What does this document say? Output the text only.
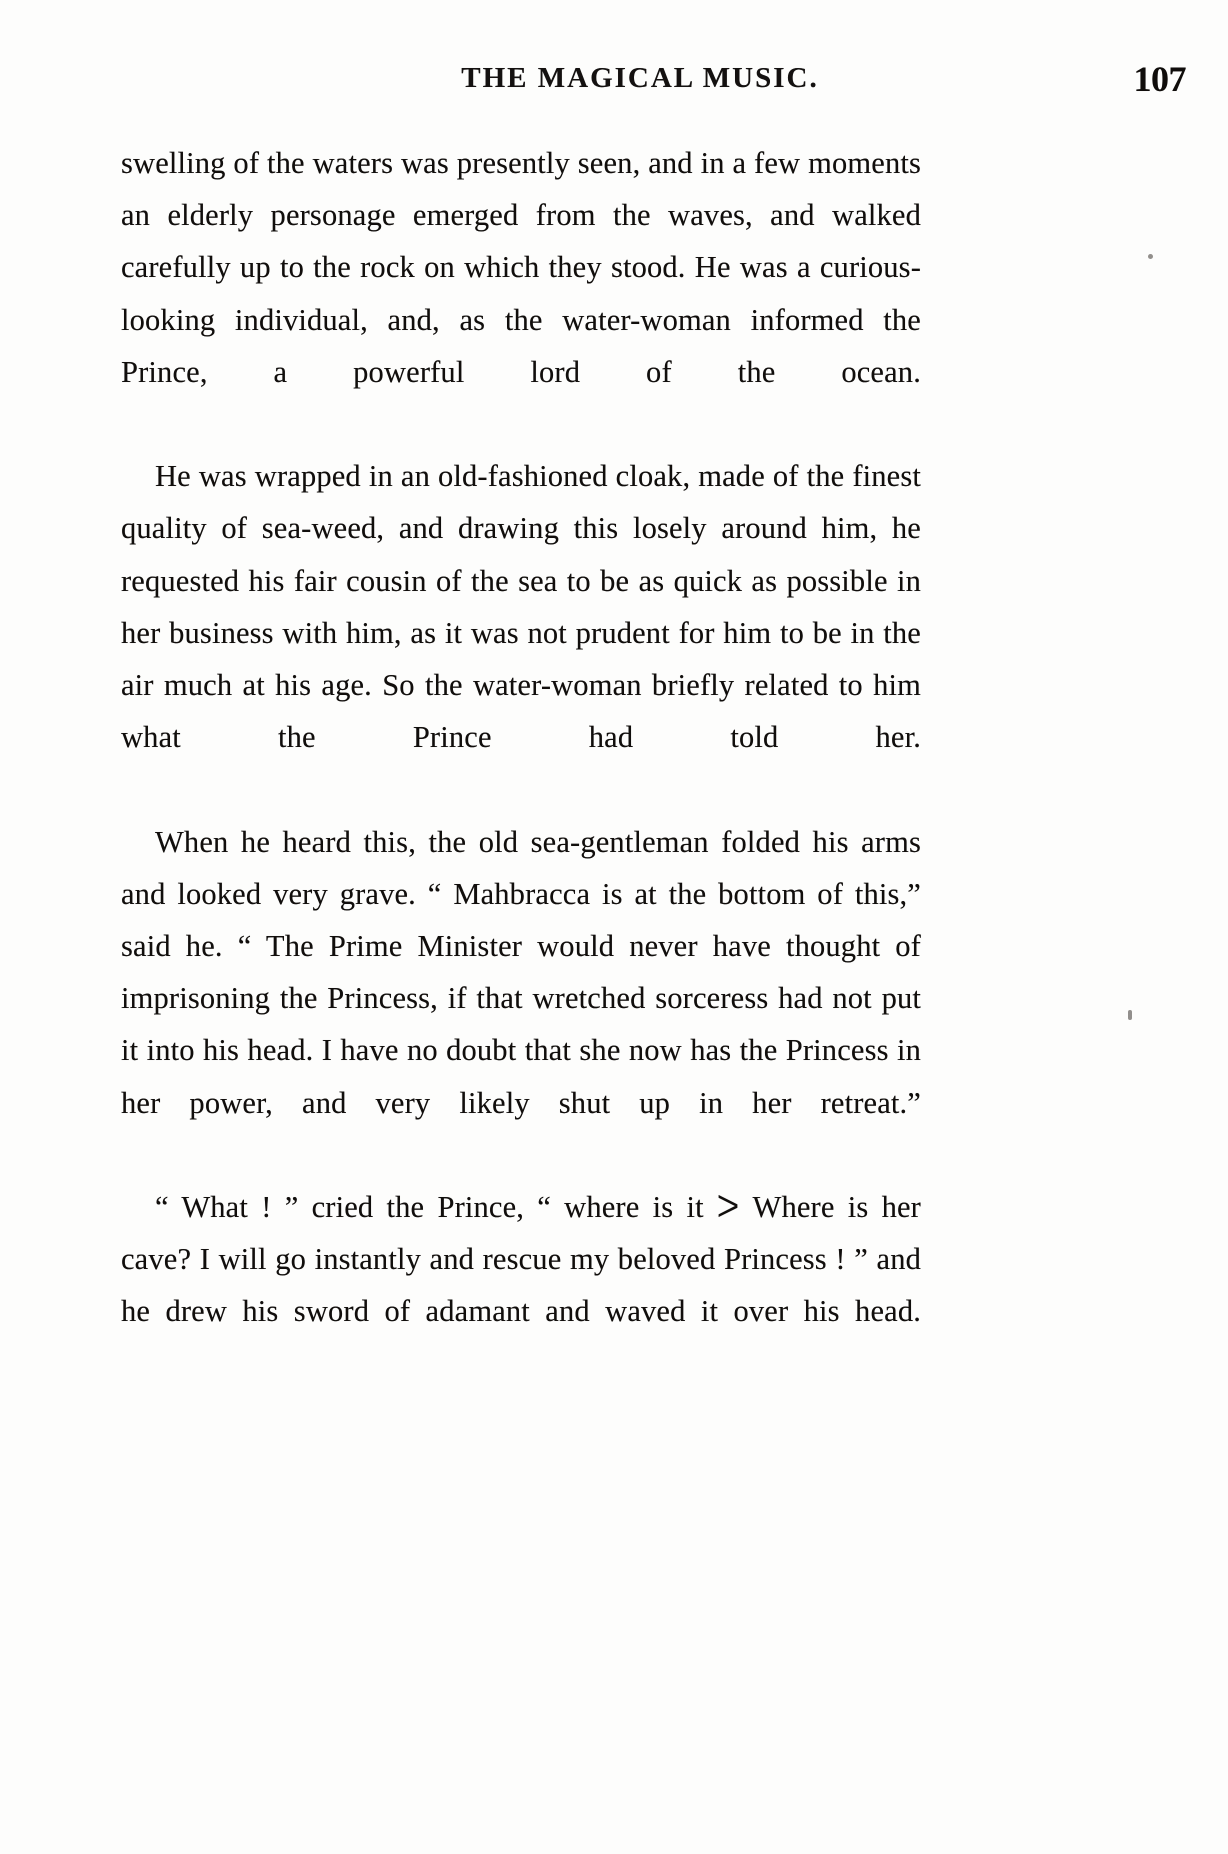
THE MAGICAL MUSIC.	107

swelling of the waters was presently seen, and in a few moments an elderly personage emerged from the waves, and walked carefully up to the rock on which they stood. He was a curious-looking individual, and, as the water-woman informed the Prince, a powerful lord of the ocean.

He was wrapped in an old-fashioned cloak, made of the finest quality of sea-weed, and drawing this losely around him, he requested his fair cousin of the sea to be as quick as possible in her business with him, as it was not prudent for him to be in the air much at his age. So the water-woman briefly related to him what the Prince had told her.

When he heard this, the old sea-gentleman folded his arms and looked very grave. “ Mahbracca is at the bottom of this,” said he. “ The Prime Minister would never have thought of imprisoning the Princess, if that wretched sorceress had not put it into his head. I have no doubt that she now has the Princess in her power, and very likely shut up in her retreat.”

“ What ! ” cried the Prince, “ where is it ᐳ Where is her cave? I will go instantly and rescue my beloved Princess ! ” and he drew his sword of adamant and waved it over his head.
